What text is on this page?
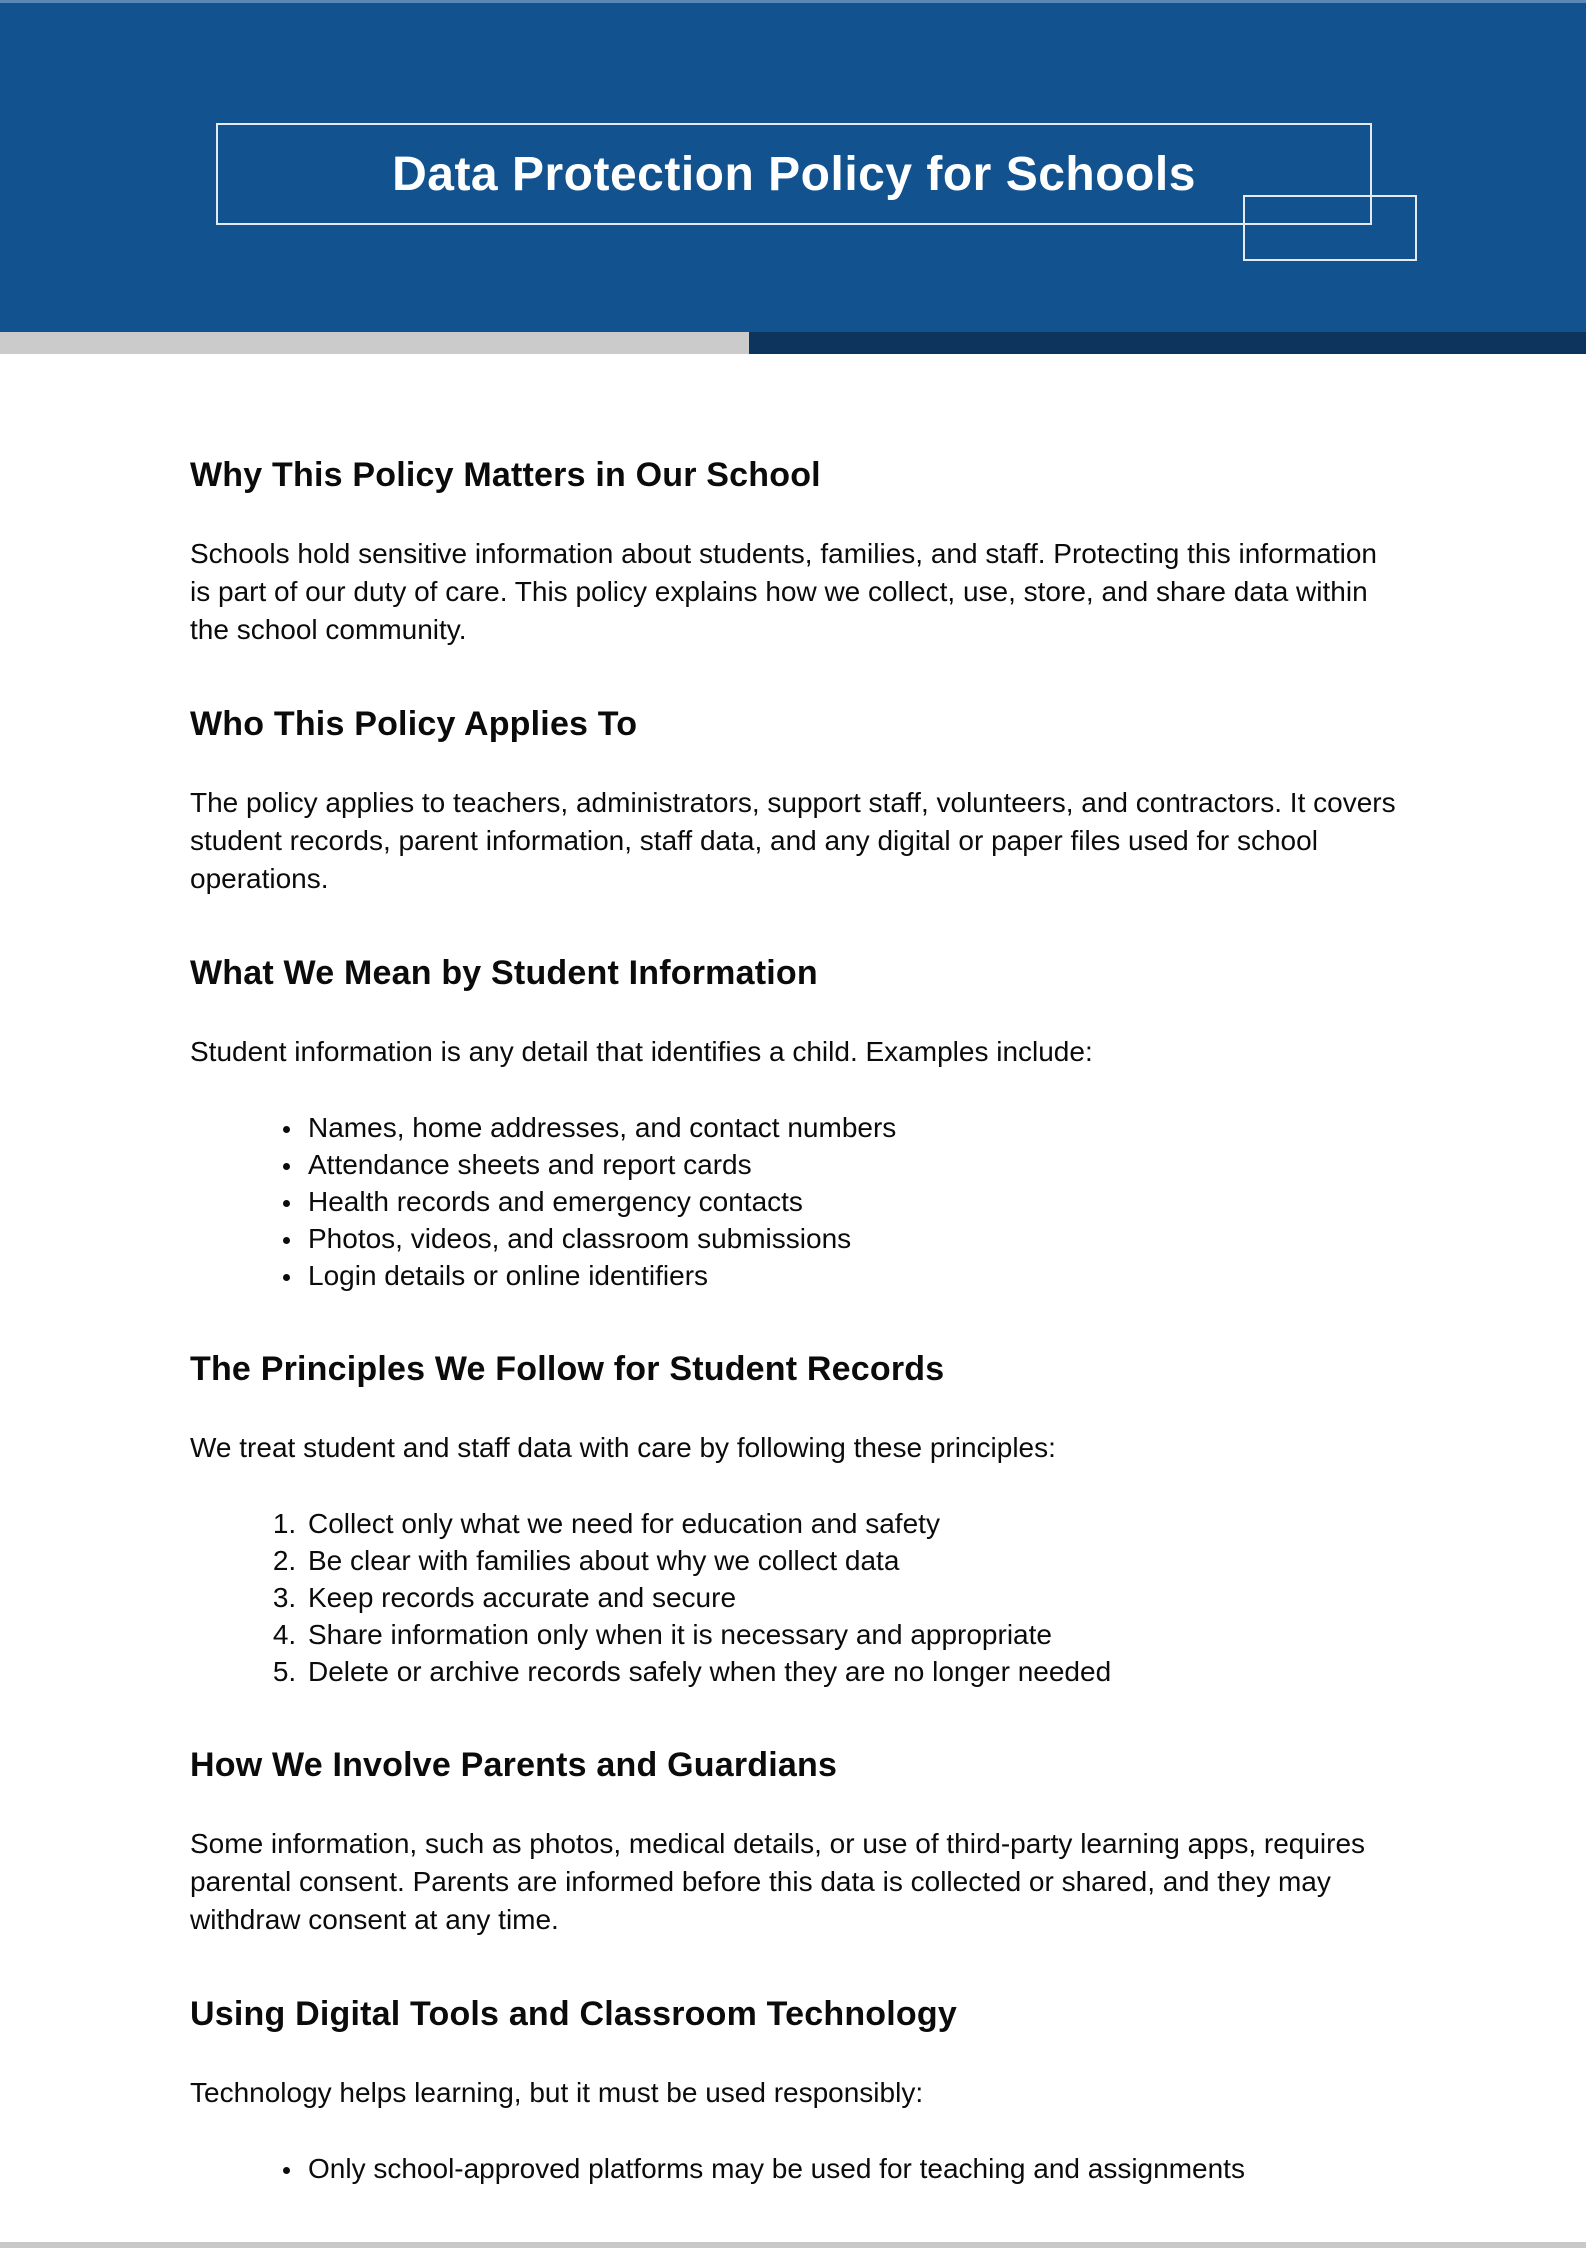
Data Protection Policy for Schools
Why This Policy Matters in Our School

Schools hold sensitive information about students, families, and staff. Protecting this information is part of our duty of care. This policy explains how we collect, use, store, and share data within the school community.

Who This Policy Applies To

The policy applies to teachers, administrators, support staff, volunteers, and contractors. It covers student records, parent information, staff data, and any digital or paper files used for school operations.

What We Mean by Student Information

Student information is any detail that identifies a child. Examples include:

• Names, home addresses, and contact numbers
• Attendance sheets and report cards
• Health records and emergency contacts
• Photos, videos, and classroom submissions
• Login details or online identifiers
The Principles We Follow for Student Records

We treat student and staff data with care by following these principles:

1. Collect only what we need for education and safety
2. Be clear with families about why we collect data
3. Keep records accurate and secure
4. Share information only when it is necessary and appropriate
5. Delete or archive records safely when they are no longer needed
How We Involve Parents and Guardians

Some information, such as photos, medical details, or use of third-party learning apps, requires parental consent. Parents are informed before this data is collected or shared, and they may withdraw consent at any time.

Using Digital Tools and Classroom Technology

Technology helps learning, but it must be used responsibly:

• Only school-approved platforms may be used for teaching and assignments
